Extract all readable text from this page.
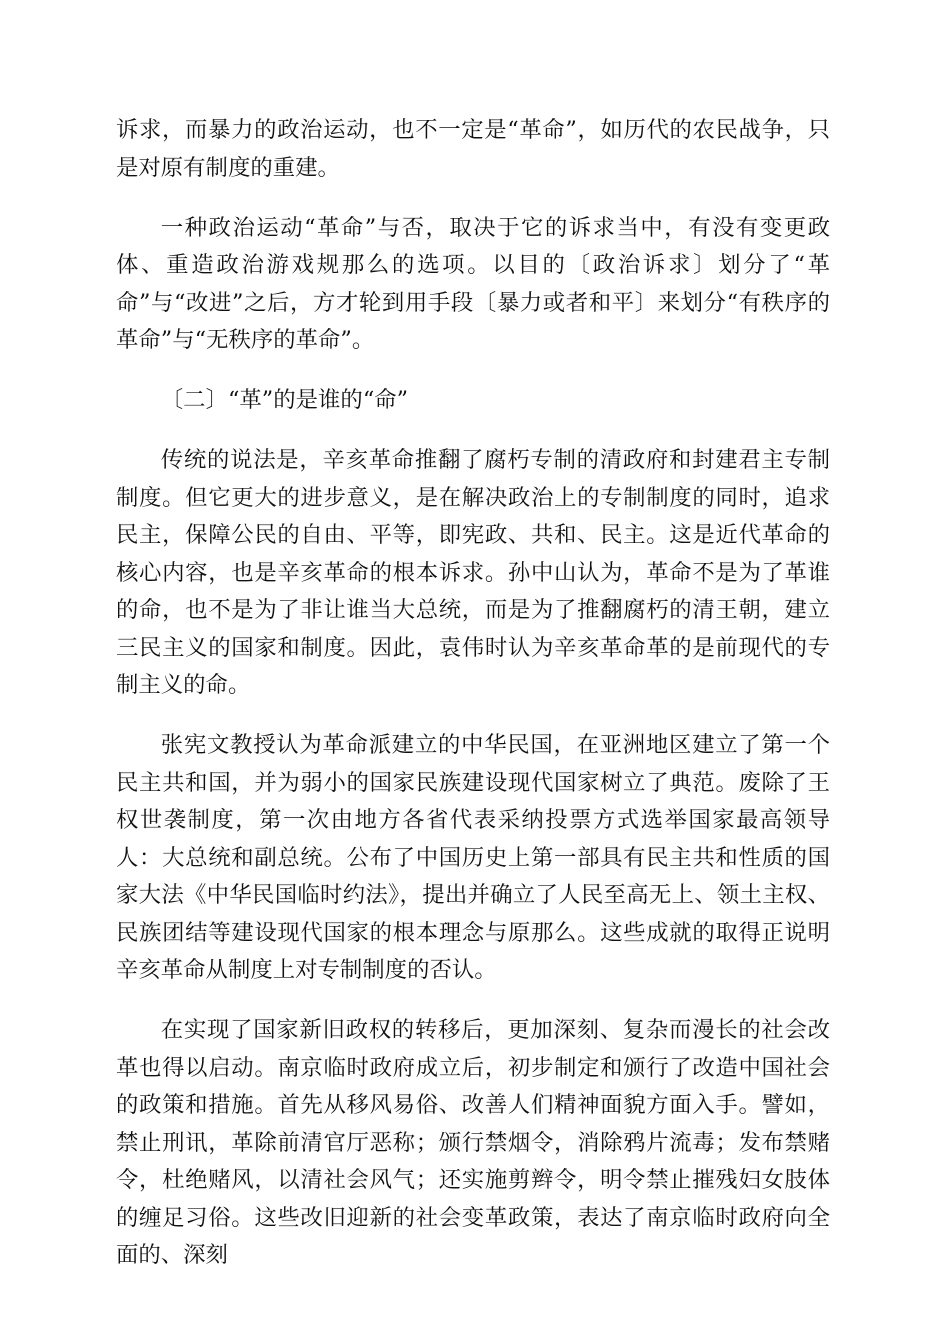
诉求，而暴力的政治运动，也不一定是“革命”，如历代的农民战争，只是对原有制度的重建。

一种政治运动“革命”与否，取决于它的诉求当中，有没有变更政体、重造政治游戏规那么的选项。以目的〔政治诉求〕划分了“革命”与“改进”之后，方才轮到用手段〔暴力或者和平〕来划分“有秩序的革命”与“无秩序的革命”。

〔二〕“革”的是谁的“命”

传统的说法是，辛亥革命推翻了腐朽专制的清政府和封建君主专制制度。但它更大的进步意义，是在解决政治上的专制制度的同时，追求民主，保障公民的自由、平等，即宪政、共和、民主。这是近代革命的核心内容，也是辛亥革命的根本诉求。孙中山认为，革命不是为了革谁的命，也不是为了非让谁当大总统，而是为了推翻腐朽的清王朝，建立三民主义的国家和制度。因此，袁伟时认为辛亥革命革的是前现代的专制主义的命。

张宪文教授认为革命派建立的中华民国，在亚洲地区建立了第一个民主共和国，并为弱小的国家民族建设现代国家树立了典范。废除了王权世袭制度，第一次由地方各省代表采纳投票方式选举国家最高领导人：大总统和副总统。公布了中国历史上第一部具有民主共和性质的国家大法《中华民国临时约法》，提出并确立了人民至高无上、领土主权、民族团结等建设现代国家的根本理念与原那么。这些成就的取得正说明辛亥革命从制度上对专制制度的否认。

在实现了国家新旧政权的转移后，更加深刻、复杂而漫长的社会改革也得以启动。南京临时政府成立后，初步制定和颁行了改造中国社会的政策和措施。首先从移风易俗、改善人们精神面貌方面入手。譬如，禁止刑讯，革除前清官厅恶称；颁行禁烟令，消除鸦片流毒；发布禁赌令，杜绝赌风，以清社会风气；还实施剪辫令，明令禁止摧残妇女肢体的缠足习俗。这些改旧迎新的社会变革政策，表达了南京临时政府向全面的、深刻
